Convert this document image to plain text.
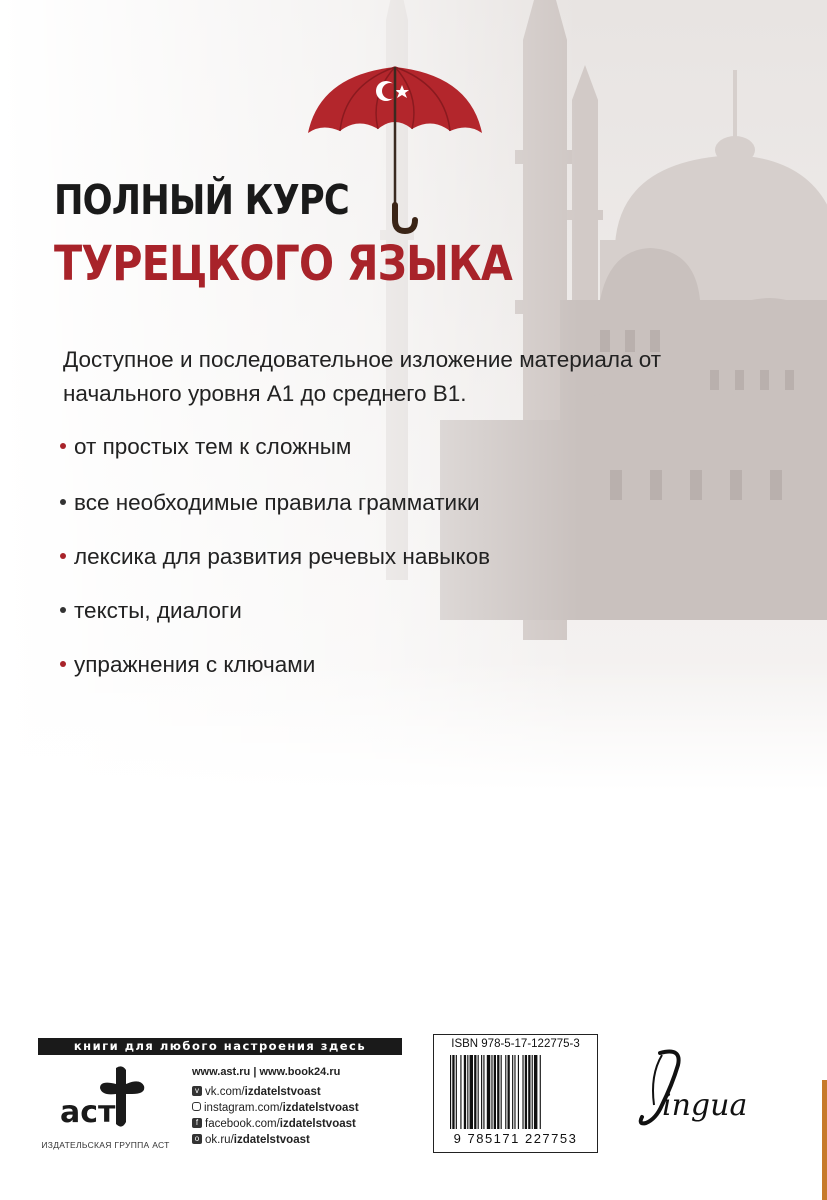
ПОЛНЫЙ КУРС
ТУРЕЦКОГО ЯЗЫКА
Доступное и последовательное изложение материала от начального уровня А1 до среднего В1.
от простых тем к сложным
все необходимые правила грамматики
лексика для развития речевых навыков
тексты, диалоги
упражнения с ключами
книги для любого настроения здесь
аст
ИЗДАТЕЛЬСКАЯ ГРУППА АСТ
www.ast.ru | www.book24.ru
v vk.com/izdatelstvoast
instagram.com/izdatelstvoast
f facebook.com/izdatelstvoast
o ok.ru/izdatelstvoast
ISBN 978-5-17-122775-3
9 785171 227753
ingua
